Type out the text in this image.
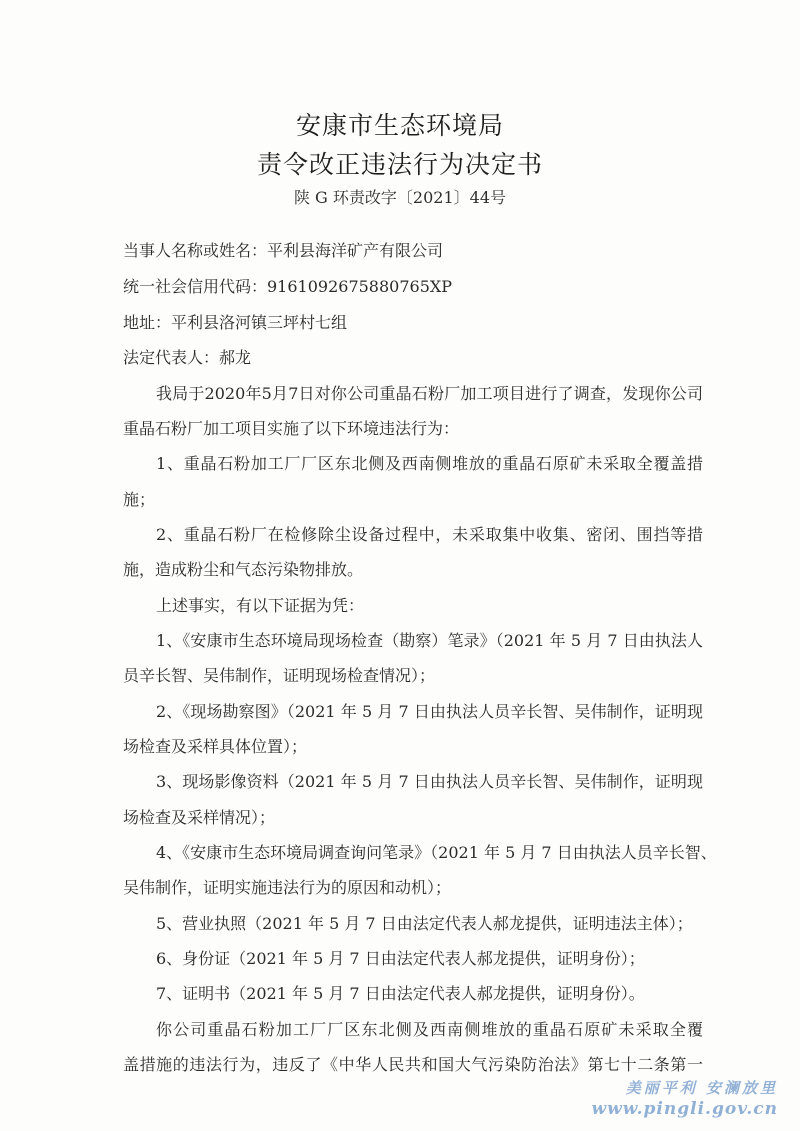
安康市生态环境局
责令改正违法行为决定书
陕 G 环责改字〔2021〕44号
当事人名称或姓名：平利县海洋矿产有限公司
统一社会信用代码：9161092675880765XP
地址：平利县洛河镇三坪村七组
法定代表人：郝龙
我局于2020年5月7日对你公司重晶石粉厂加工项目进行了调查，发现你公司
重晶石粉厂加工项目实施了以下环境违法行为：
1、重晶石粉加工厂厂区东北侧及西南侧堆放的重晶石原矿未采取全覆盖措
施；
2、重晶石粉厂在检修除尘设备过程中，未采取集中收集、密闭、围挡等措
施，造成粉尘和气态污染物排放。
上述事实，有以下证据为凭：
1、《安康市生态环境局现场检查（勘察）笔录》（2021 年 5 月 7 日由执法人
员辛长智、吴伟制作，证明现场检查情况）；
2、《现场勘察图》（2021 年 5 月 7 日由执法人员辛长智、吴伟制作，证明现
场检查及采样具体位置）；
3、现场影像资料（2021 年 5 月 7 日由执法人员辛长智、吴伟制作，证明现
场检查及采样情况）；
4、《安康市生态环境局调查询问笔录》（2021 年 5 月 7 日由执法人员辛长智、
吴伟制作，证明实施违法行为的原因和动机）；
5、营业执照（2021 年 5 月 7 日由法定代表人郝龙提供，证明违法主体）；
6、身份证（2021 年 5 月 7 日由法定代表人郝龙提供，证明身份）；
7、证明书（2021 年 5 月 7 日由法定代表人郝龙提供，证明身份）。
你公司重晶石粉加工厂厂区东北侧及西南侧堆放的重晶石原矿未采取全覆
盖措施的违法行为，违反了《中华人民共和国大气污染防治法》第七十二条第一
美丽平利 安澜放里
www.pingli.gov.cn
